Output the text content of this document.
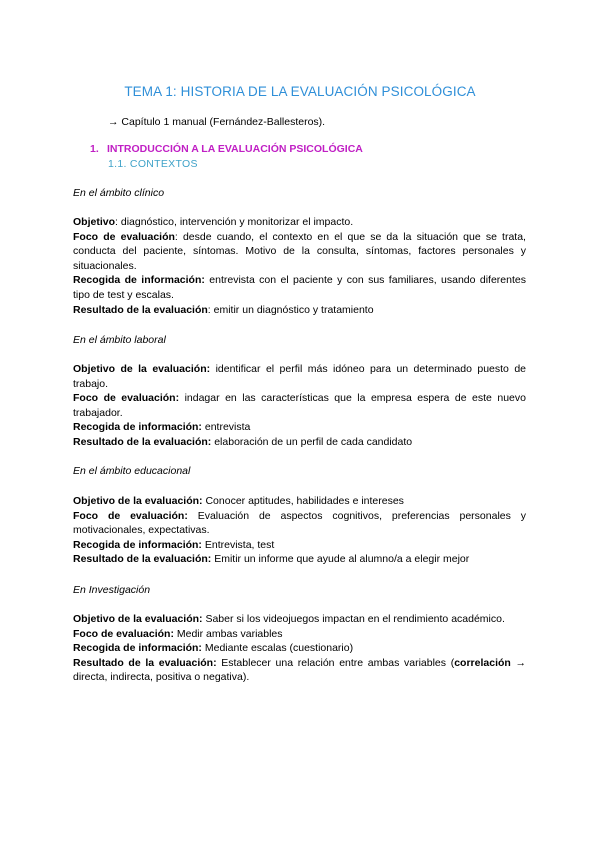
TEMA 1: HISTORIA DE LA EVALUACIÓN PSICOLÓGICA
→ Capítulo 1 manual (Fernández-Ballesteros).
1. INTRODUCCIÓN A LA EVALUACIÓN PSICOLÓGICA
1.1. CONTEXTOS
En el ámbito clínico

Objetivo: diagnóstico, intervención y monitorizar el impacto.

Foco de evaluación: desde cuando, el contexto en el que se da la situación que se trata, conducta del paciente, síntomas. Motivo de la consulta, síntomas, factores personales y situacionales.

Recogida de información: entrevista con el paciente y con sus familiares, usando diferentes tipo de test y escalas.

Resultado de la evaluación: emitir un diagnóstico y tratamiento

En el ámbito laboral

Objetivo de la evaluación: identificar el perfil más idóneo para un determinado puesto de trabajo.

Foco de evaluación: indagar en las características que la empresa espera de este nuevo trabajador.

Recogida de información: entrevista

Resultado de la evaluación: elaboración de un perfil de cada candidato

En el ámbito educacional

Objetivo de la evaluación: Conocer aptitudes, habilidades e intereses

Foco de evaluación: Evaluación de aspectos cognitivos, preferencias personales y motivacionales, expectativas.

Recogida de información: Entrevista, test

Resultado de la evaluación: Emitir un informe que ayude al alumno/a a elegir mejor

En Investigación

Objetivo de la evaluación: Saber si los videojuegos impactan en el rendimiento académico.

Foco de evaluación: Medir ambas variables

Recogida de información: Mediante escalas (cuestionario)

Resultado de la evaluación: Establecer una relación entre ambas variables (correlación → directa, indirecta, positiva o negativa).
